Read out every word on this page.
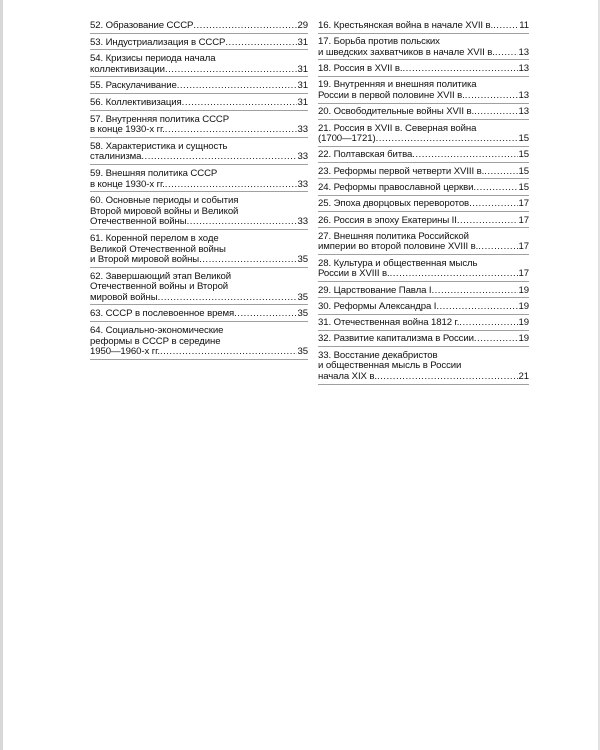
52. Образование СССР .....	29
53. Индустриализация в СССР .....	31
54. Кризисы периода начала
коллективизации .....	31
55. Раскулачивание .....	31
56. Коллективизация .....	31
57. Внутренняя политика СССР
в конце 1930-х гг. .....	33
58. Характеристика и сущность
сталинизма .....	33
59. Внешняя политика СССР
в конце 1930-х гг. .....	33
60. Основные периоды и события
Второй мировой войны и Великой
Отечественной войны .....	33
61. Коренной перелом в ходе
Великой Отечественной войны
и Второй мировой войны .....	35
62. Завершающий этап Великой
Отечественной войны и Второй
мировой войны .....	35
63. СССР в послевоенное время .....	35
64. Социально-экономические
реформы в СССР в середине
1950—1960-х гг. .....	35
16. Крестьянская война в начале XVII в. .....	11
17. Борьба против польских
и шведских захватчиков в начале XVII в. ..... 13
18. Россия в XVII в. .....	13
19. Внутренняя и внешняя политика
России в первой половине XVII в. .....	13
20. Освободительные войны XVII в. .....	13
21. Россия в XVII в. Северная война
(1700—1721) .....	15
22. Полтавская битва .....	15
23. Реформы первой четверти XVIII в. .....	15
24. Реформы православной церкви .....	15
25. Эпоха дворцовых переворотов .....	17
26. Россия в эпоху Екатерины II .....	17
27. Внешняя политика Российской
империи во второй половине XVIII в. .....	17
28. Культура и общественная мысль
России в XVIII в. .....	17
29. Царствование Павла I .....	19
30. Реформы Александра I .....	19
31. Отечественная война 1812 г. .....	19
32. Развитие капитализма в России .....	19
33. Восстание декабристов
и общественная мысль в России
начала XIX в. .....	21
